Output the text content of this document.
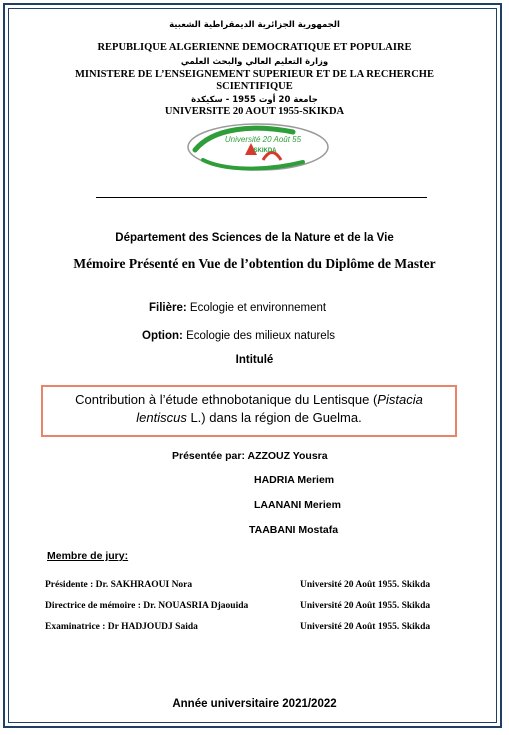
الجمهورية الجزائرية الديمقراطية الشعبية
REPUBLIQUE ALGERIENNE DEMOCRATIQUE ET POPULAIRE
وزارة التعليم العالي والبحث العلمي
MINISTERE DE L’ENSEIGNEMENT SUPERIEUR ET DE LA RECHERCHE
SCIENTIFIQUE
جامعة 20 أوت 1955 - سكيكدة
UNIVERSITE 20 AOUT 1955-SKIKDA
Université 20 Août 55
SKIKDA
Département des Sciences de la Nature et de la Vie
Mémoire Présenté en Vue de l’obtention du Diplôme de Master
Filière: Ecologie et environnement
Option: Ecologie des milieux naturels
Intitulé
Contribution à l’étude ethnobotanique du Lentisque (Pistacia
lentiscus L.) dans la région de Guelma.
Présentée par: AZZOUZ Yousra
HADRIA Meriem
LAANANI Meriem
TAABANI Mostafa
Membre de jury:
Présidente : Dr. SAKHRAOUI Nora	Université 20 Août 1955. Skikda
Directrice de mémoire : Dr. NOUASRIA Djaouida	Université 20 Août 1955. Skikda
Examinatrice : Dr HADJOUDJ Saida	Université 20 Août 1955. Skikda
Année universitaire 2021/2022
